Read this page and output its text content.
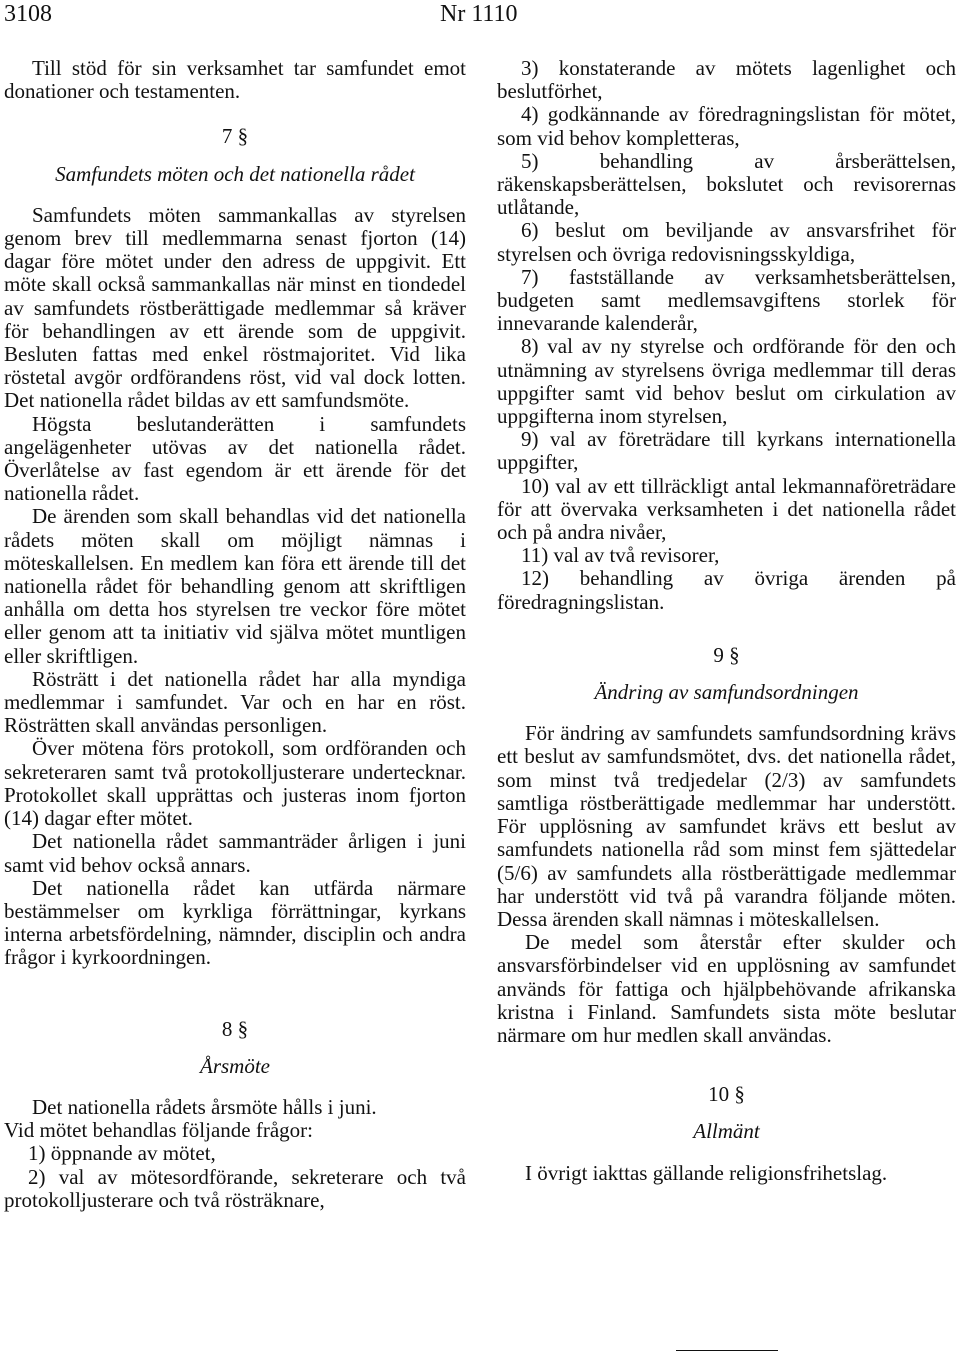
3108	Nr 1110

Till stöd för sin verksamhet tar samfundet emot donationer och testamenten.

7 §
Samfundets möten och det nationella rådet

Samfundets möten sammankallas av styrelsen genom brev till medlemmarna senast fjorton (14) dagar före mötet under den adress de uppgivit. Ett möte skall också sammankallas när minst en tiondedel av samfundets röstberättigade medlemmar så kräver för behandlingen av ett ärende som de uppgivit. Besluten fattas med enkel röstmajoritet. Vid lika röstetal avgör ordförandens röst, vid val dock lotten. Det nationella rådet bildas av ett samfundsmöte.

Högsta beslutanderätten i samfundets angelägenheter utövas av det nationella rådet. Överlåtelse av fast egendom är ett ärende för det nationella rådet.

De ärenden som skall behandlas vid det nationella rådets möten skall om möjligt nämnas i möteskallelsen. En medlem kan föra ett ärende till det nationella rådet för behandling genom att skriftligen anhålla om detta hos styrelsen tre veckor före mötet eller genom att ta initiativ vid själva mötet muntligen eller skriftligen.

Rösträtt i det nationella rådet har alla myndiga medlemmar i samfundet. Var och en har en röst. Rösträtten skall användas personligen.

Över mötena förs protokoll, som ordföranden och sekreteraren samt två protokolljusterare undertecknar. Protokollet skall upprättas och justeras inom fjorton (14) dagar efter mötet.

Det nationella rådet sammanträder årligen i juni samt vid behov också annars.

Det nationella rådet kan utfärda närmare bestämmelser om kyrkliga förrättningar, kyrkans interna arbetsfördelning, nämnder, disciplin och andra frågor i kyrkoordningen.

8 §
Årsmöte

Det nationella rådets årsmöte hålls i juni.

Vid mötet behandlas följande frågor:

1) öppnande av mötet,

2) val av mötesordförande, sekreterare och två protokolljusterare och två rösträknare,

3) konstaterande av mötets lagenlighet och beslutförhet,

4) godkännande av föredragningslistan för mötet, som vid behov kompletteras,

5) behandling av årsberättelsen, räkenskapsberättelsen, bokslutet och revisorernas utlåtande,

6) beslut om beviljande av ansvarsfrihet för styrelsen och övriga redovisningsskyldiga,

7) fastställande av verksamhetsberättelsen, budgeten samt medlemsavgiftens storlek för innevarande kalenderår,

8) val av ny styrelse och ordförande för den och utnämning av styrelsens övriga medlemmar till deras uppgifter samt vid behov beslut om cirkulation av uppgifterna inom styrelsen,

9) val av företrädare till kyrkans internationella uppgifter,

10) val av ett tillräckligt antal lekmannaföreträdare för att övervaka verksamheten i det nationella rådet och på andra nivåer,

11) val av två revisorer,

12) behandling av övriga ärenden på föredragningslistan.

9 §
Ändring av samfundsordningen

För ändring av samfundets samfundsordning krävs ett beslut av samfundsmötet, dvs. det nationella rådet, som minst två tredjedelar (2/3) av samfundets samtliga röstberättigade medlemmar har understött. För upplösning av samfundet krävs ett beslut av samfundets nationella råd som minst fem sjättedelar (5/6) av samfundets alla röstberättigade medlemmar har understött vid två på varandra följande möten. Dessa ärenden skall nämnas i möteskallelsen.

De medel som återstår efter skulder och ansvarsförbindelser vid en upplösning av samfundet används för fattiga och hjälpbehövande afrikanska kristna i Finland. Samfundets sista möte beslutar närmare om hur medlen skall användas.

10 §
Allmänt

I övrigt iakttas gällande religionsfrihetslag.
